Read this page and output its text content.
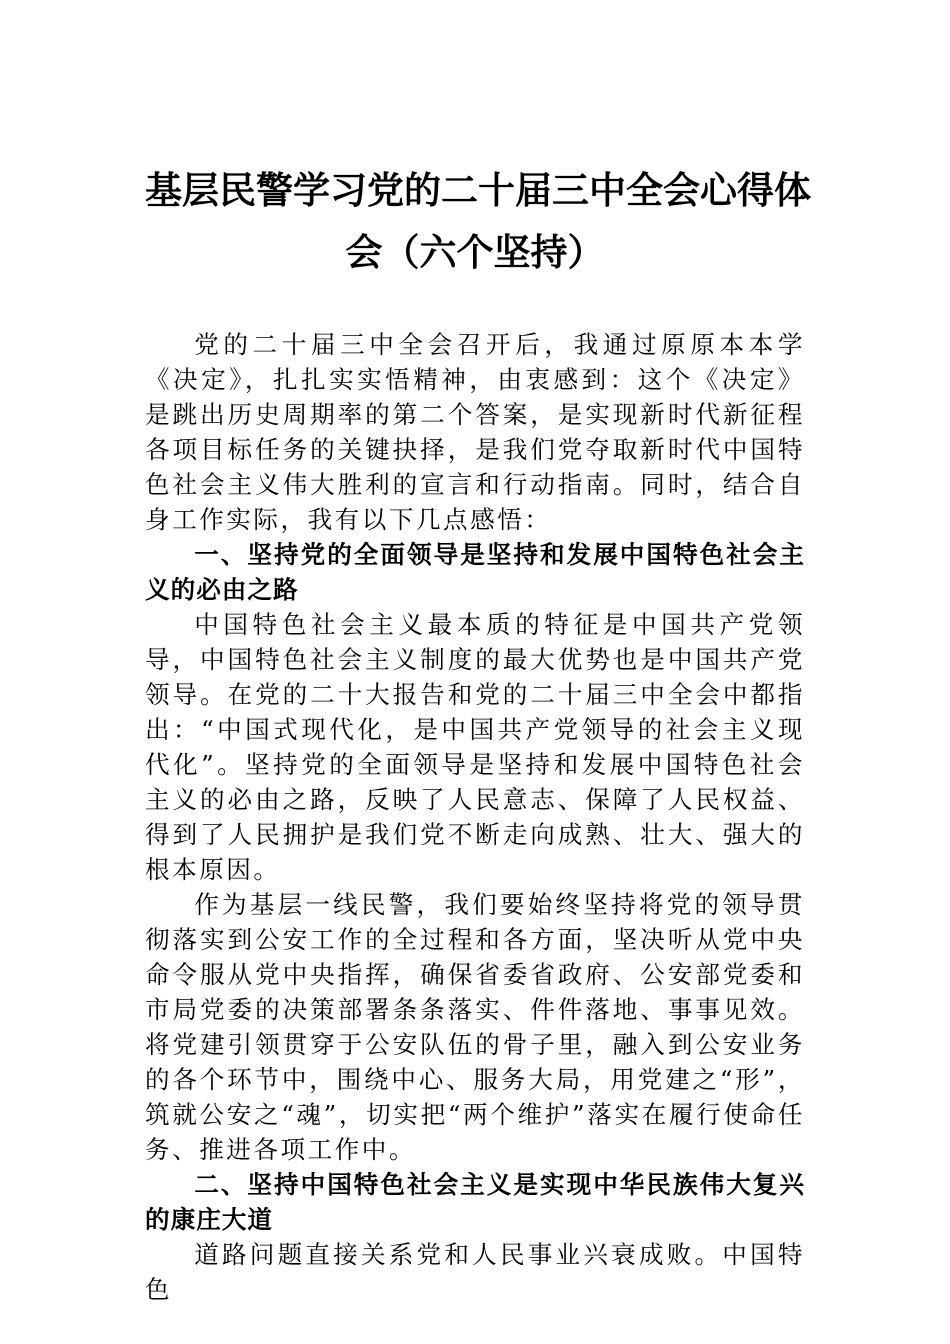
基层民警学习党的二十届三中全会心得体
会（六个坚持）

党的二十届三中全会召开后，我通过原原本本学《决定》，扎扎实实悟精神，由衷感到：这个《决定》是跳出历史周期率的第二个答案，是实现新时代新征程各项目标任务的关键抉择，是我们党夺取新时代中国特色社会主义伟大胜利的宣言和行动指南。同时，结合自身工作实际，我有以下几点感悟：

一、坚持党的全面领导是坚持和发展中国特色社会主义的必由之路

中国特色社会主义最本质的特征是中国共产党领导，中国特色社会主义制度的最大优势也是中国共产党领导。在党的二十大报告和党的二十届三中全会中都指出：“中国式现代化，是中国共产党领导的社会主义现代化”。坚持党的全面领导是坚持和发展中国特色社会主义的必由之路，反映了人民意志、保障了人民权益、得到了人民拥护是我们党不断走向成熟、壮大、强大的根本原因。

作为基层一线民警，我们要始终坚持将党的领导贯彻落实到公安工作的全过程和各方面，坚决听从党中央命令服从党中央指挥，确保省委省政府、公安部党委和市局党委的决策部署条条落实、件件落地、事事见效。将党建引领贯穿于公安队伍的骨子里，融入到公安业务的各个环节中，围绕中心、服务大局，用党建之“形”，筑就公安之“魂”，切实把“两个维护”落实在履行使命任务、推进各项工作中。

二、坚持中国特色社会主义是实现中华民族伟大复兴的康庄大道

道路问题直接关系党和人民事业兴衰成败。中国特色
